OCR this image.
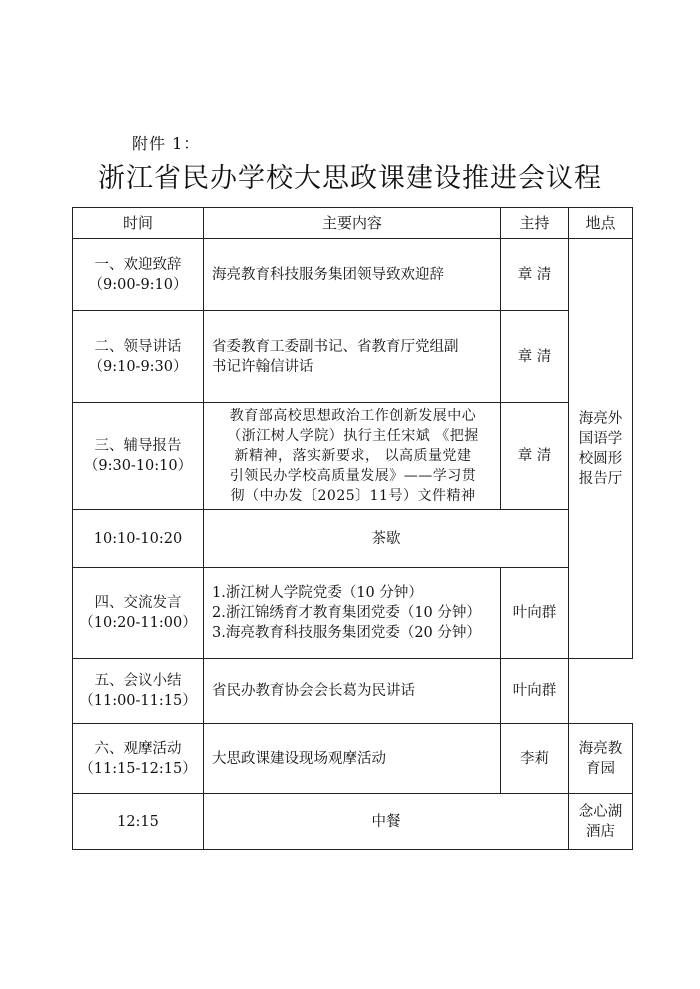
附件 1：
浙江省民办学校大思政课建设推进会议程
时间	主要内容	主持	地点

一、欢迎致辞
（9:00-9:10）	海亮教育科技服务集团领导致欢迎辞	章 清	海亮外
国语学
校圆形
报告厅

二、领导讲话
（9:10-9:30）	省委教育工委副书记、省教育厅党组副
书记许翰信讲话	章 清	

三、辅导报告
（9:30-10:10）	教育部高校思想政治工作创新发展中心
（浙江树人学院）执行主任宋斌 《把握
新精神，落实新要求， 以高质量党建
引领民办学校高质量发展》——学习贯
彻（中办发〔2025〕11号）文件精神	章 清	
10:10-10:20	茶歇		

四、交流发言
（10:20-11:00）	1.浙江树人学院党委（10 分钟）
2.浙江锦绣育才教育集团党委（10 分钟）
3.海亮教育科技服务集团党委（20 分钟）	叶向群	

五、会议小结
（11:00-11:15）	省民办教育协会会长葛为民讲话	叶向群	

六、观摩活动
（11:15-12:15）	大思政课建设现场观摩活动	李莉	海亮教
育园

12:15	中餐		念心湖
酒店
